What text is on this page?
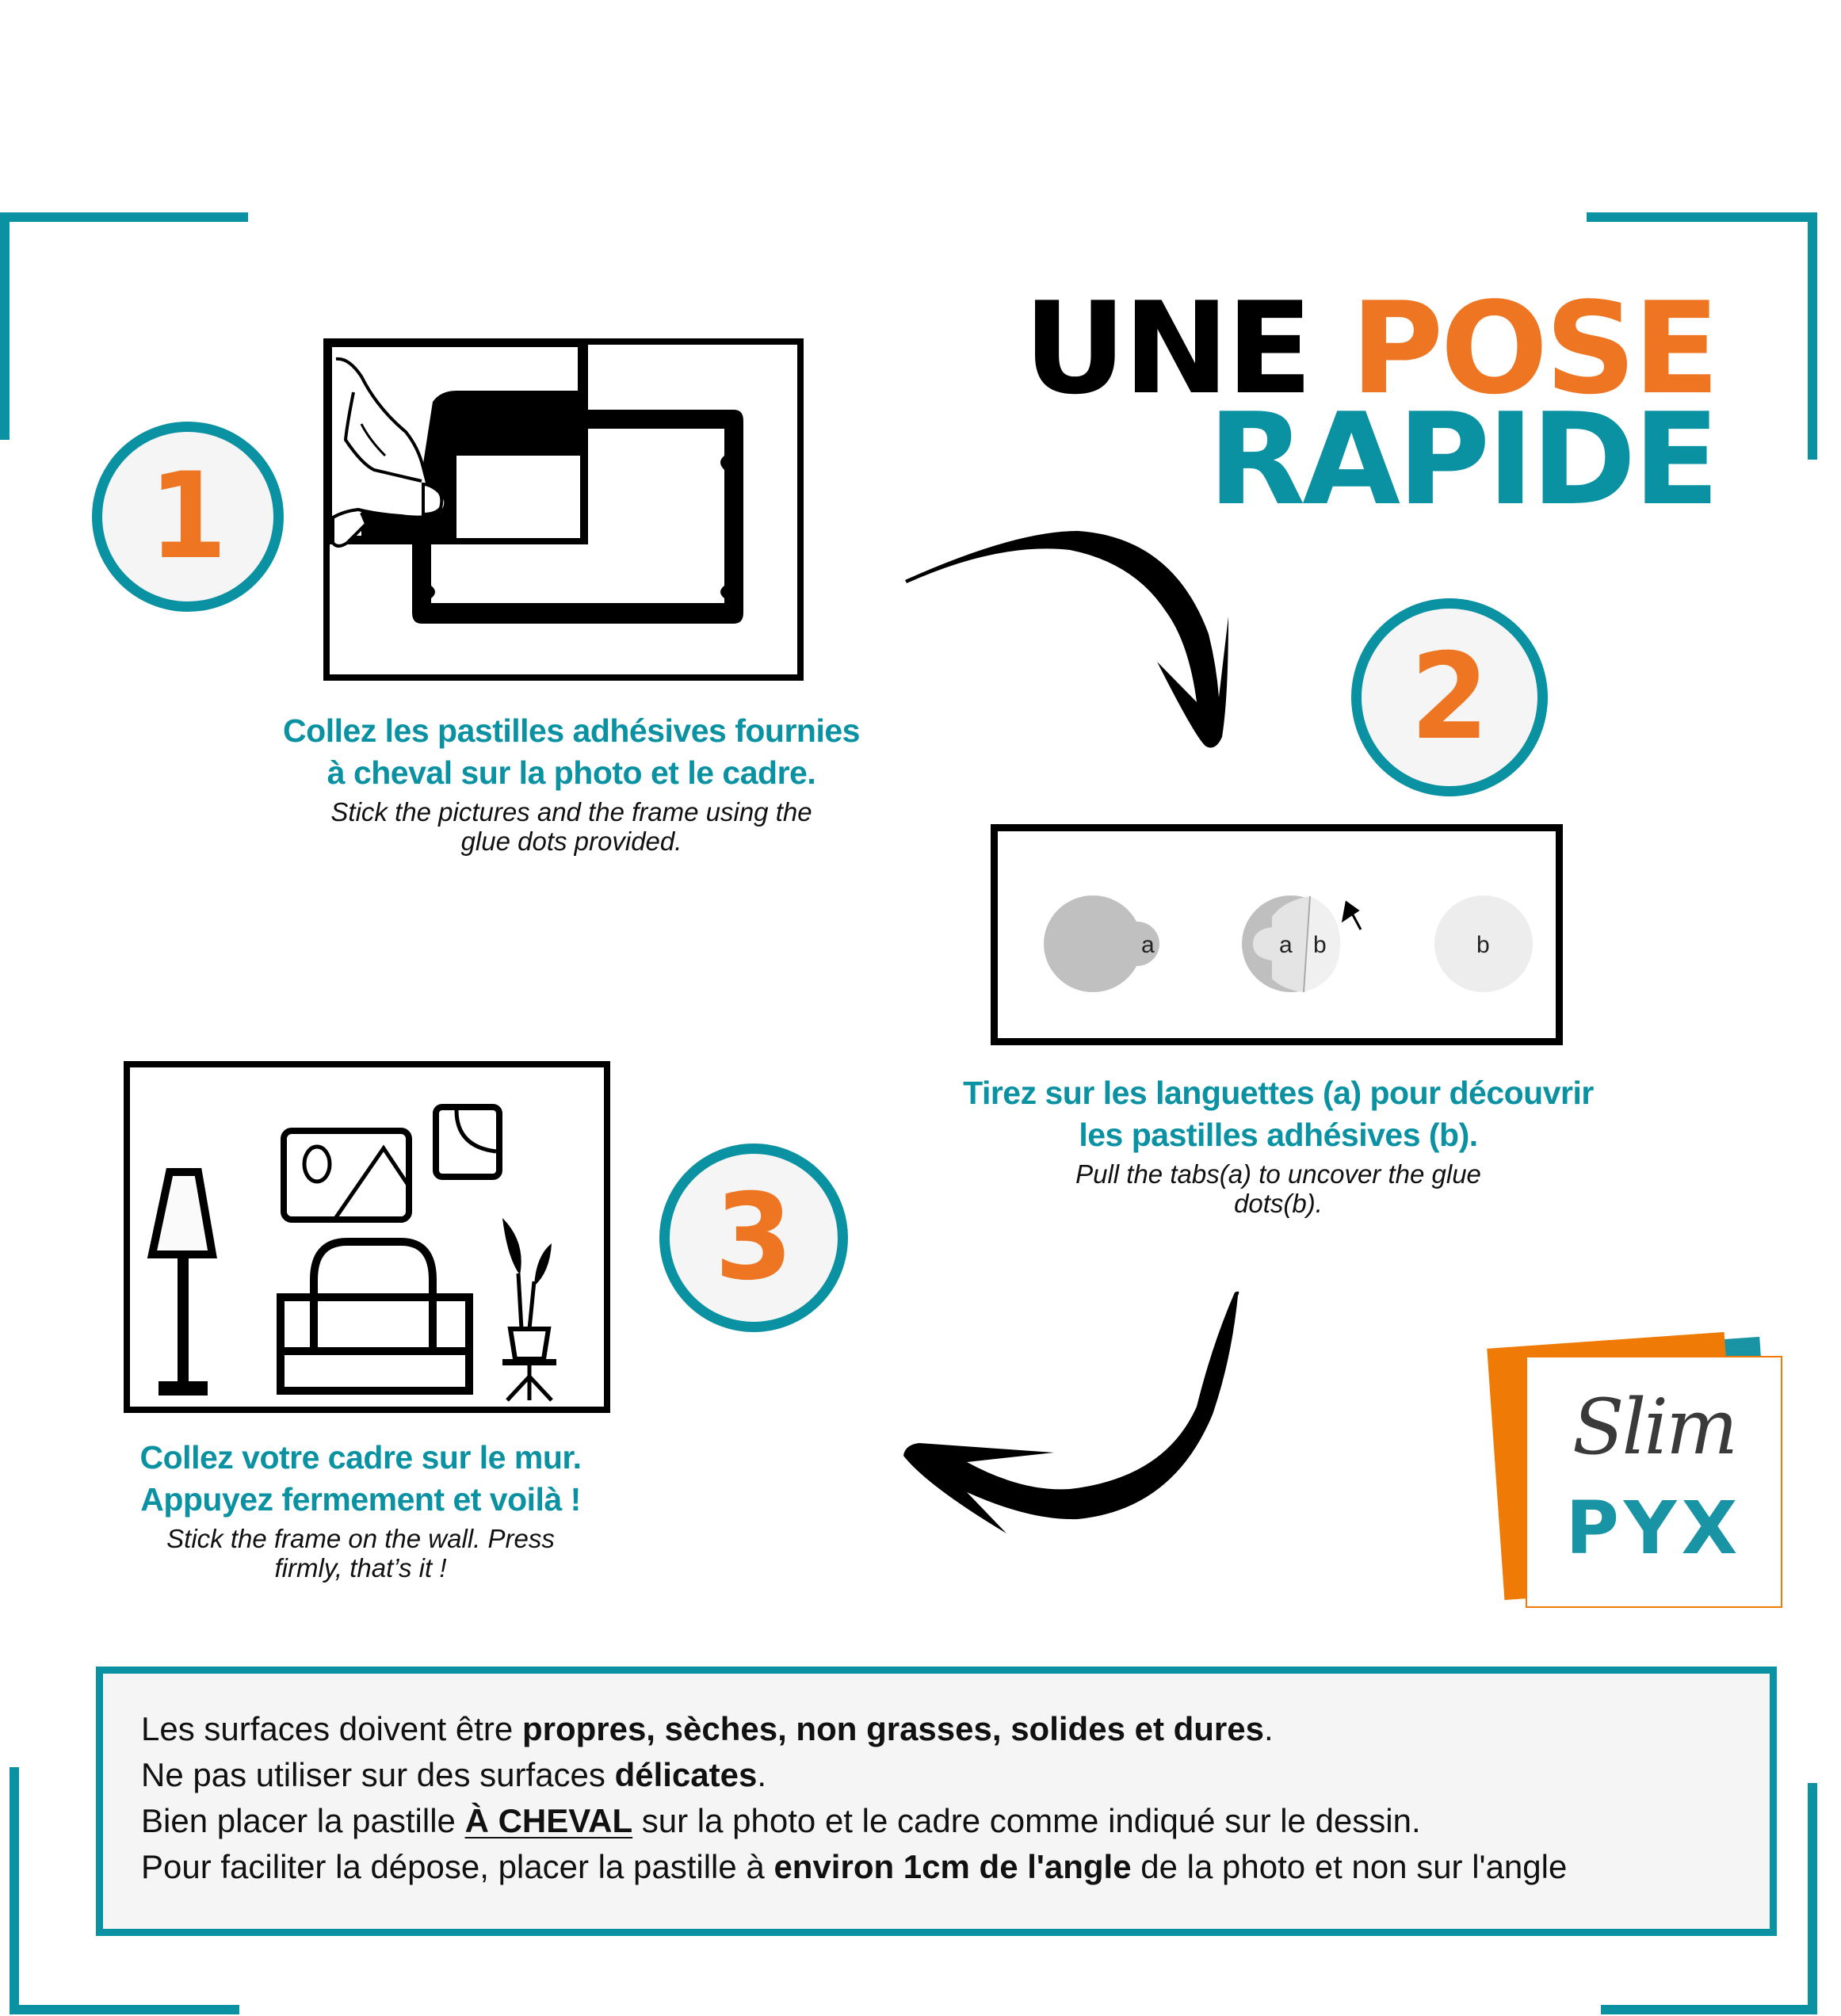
UNE POSE
RAPIDE
1
Collez les pastilles adhésives fournies
à cheval sur la photo et le cadre.
Stick the pictures and the frame using the
glue dots provided.
2
a	a b	b
Tirez sur les languettes (a) pour découvrir
les pastilles adhésives (b).
Pull the tabs(a) to uncover the glue
dots(b).
3
Collez votre cadre sur le mur.
Appuyez fermement et voilà !
Stick the frame on the wall. Press
firmly, that’s it !
Slim
PYX
Les surfaces doivent être propres, sèches, non grasses, solides et dures.
Ne pas utiliser sur des surfaces délicates.
Bien placer la pastille À CHEVAL sur la photo et le cadre comme indiqué sur le dessin.
Pour faciliter la dépose, placer la pastille à environ 1cm de l'angle de la photo et non sur l'angle
